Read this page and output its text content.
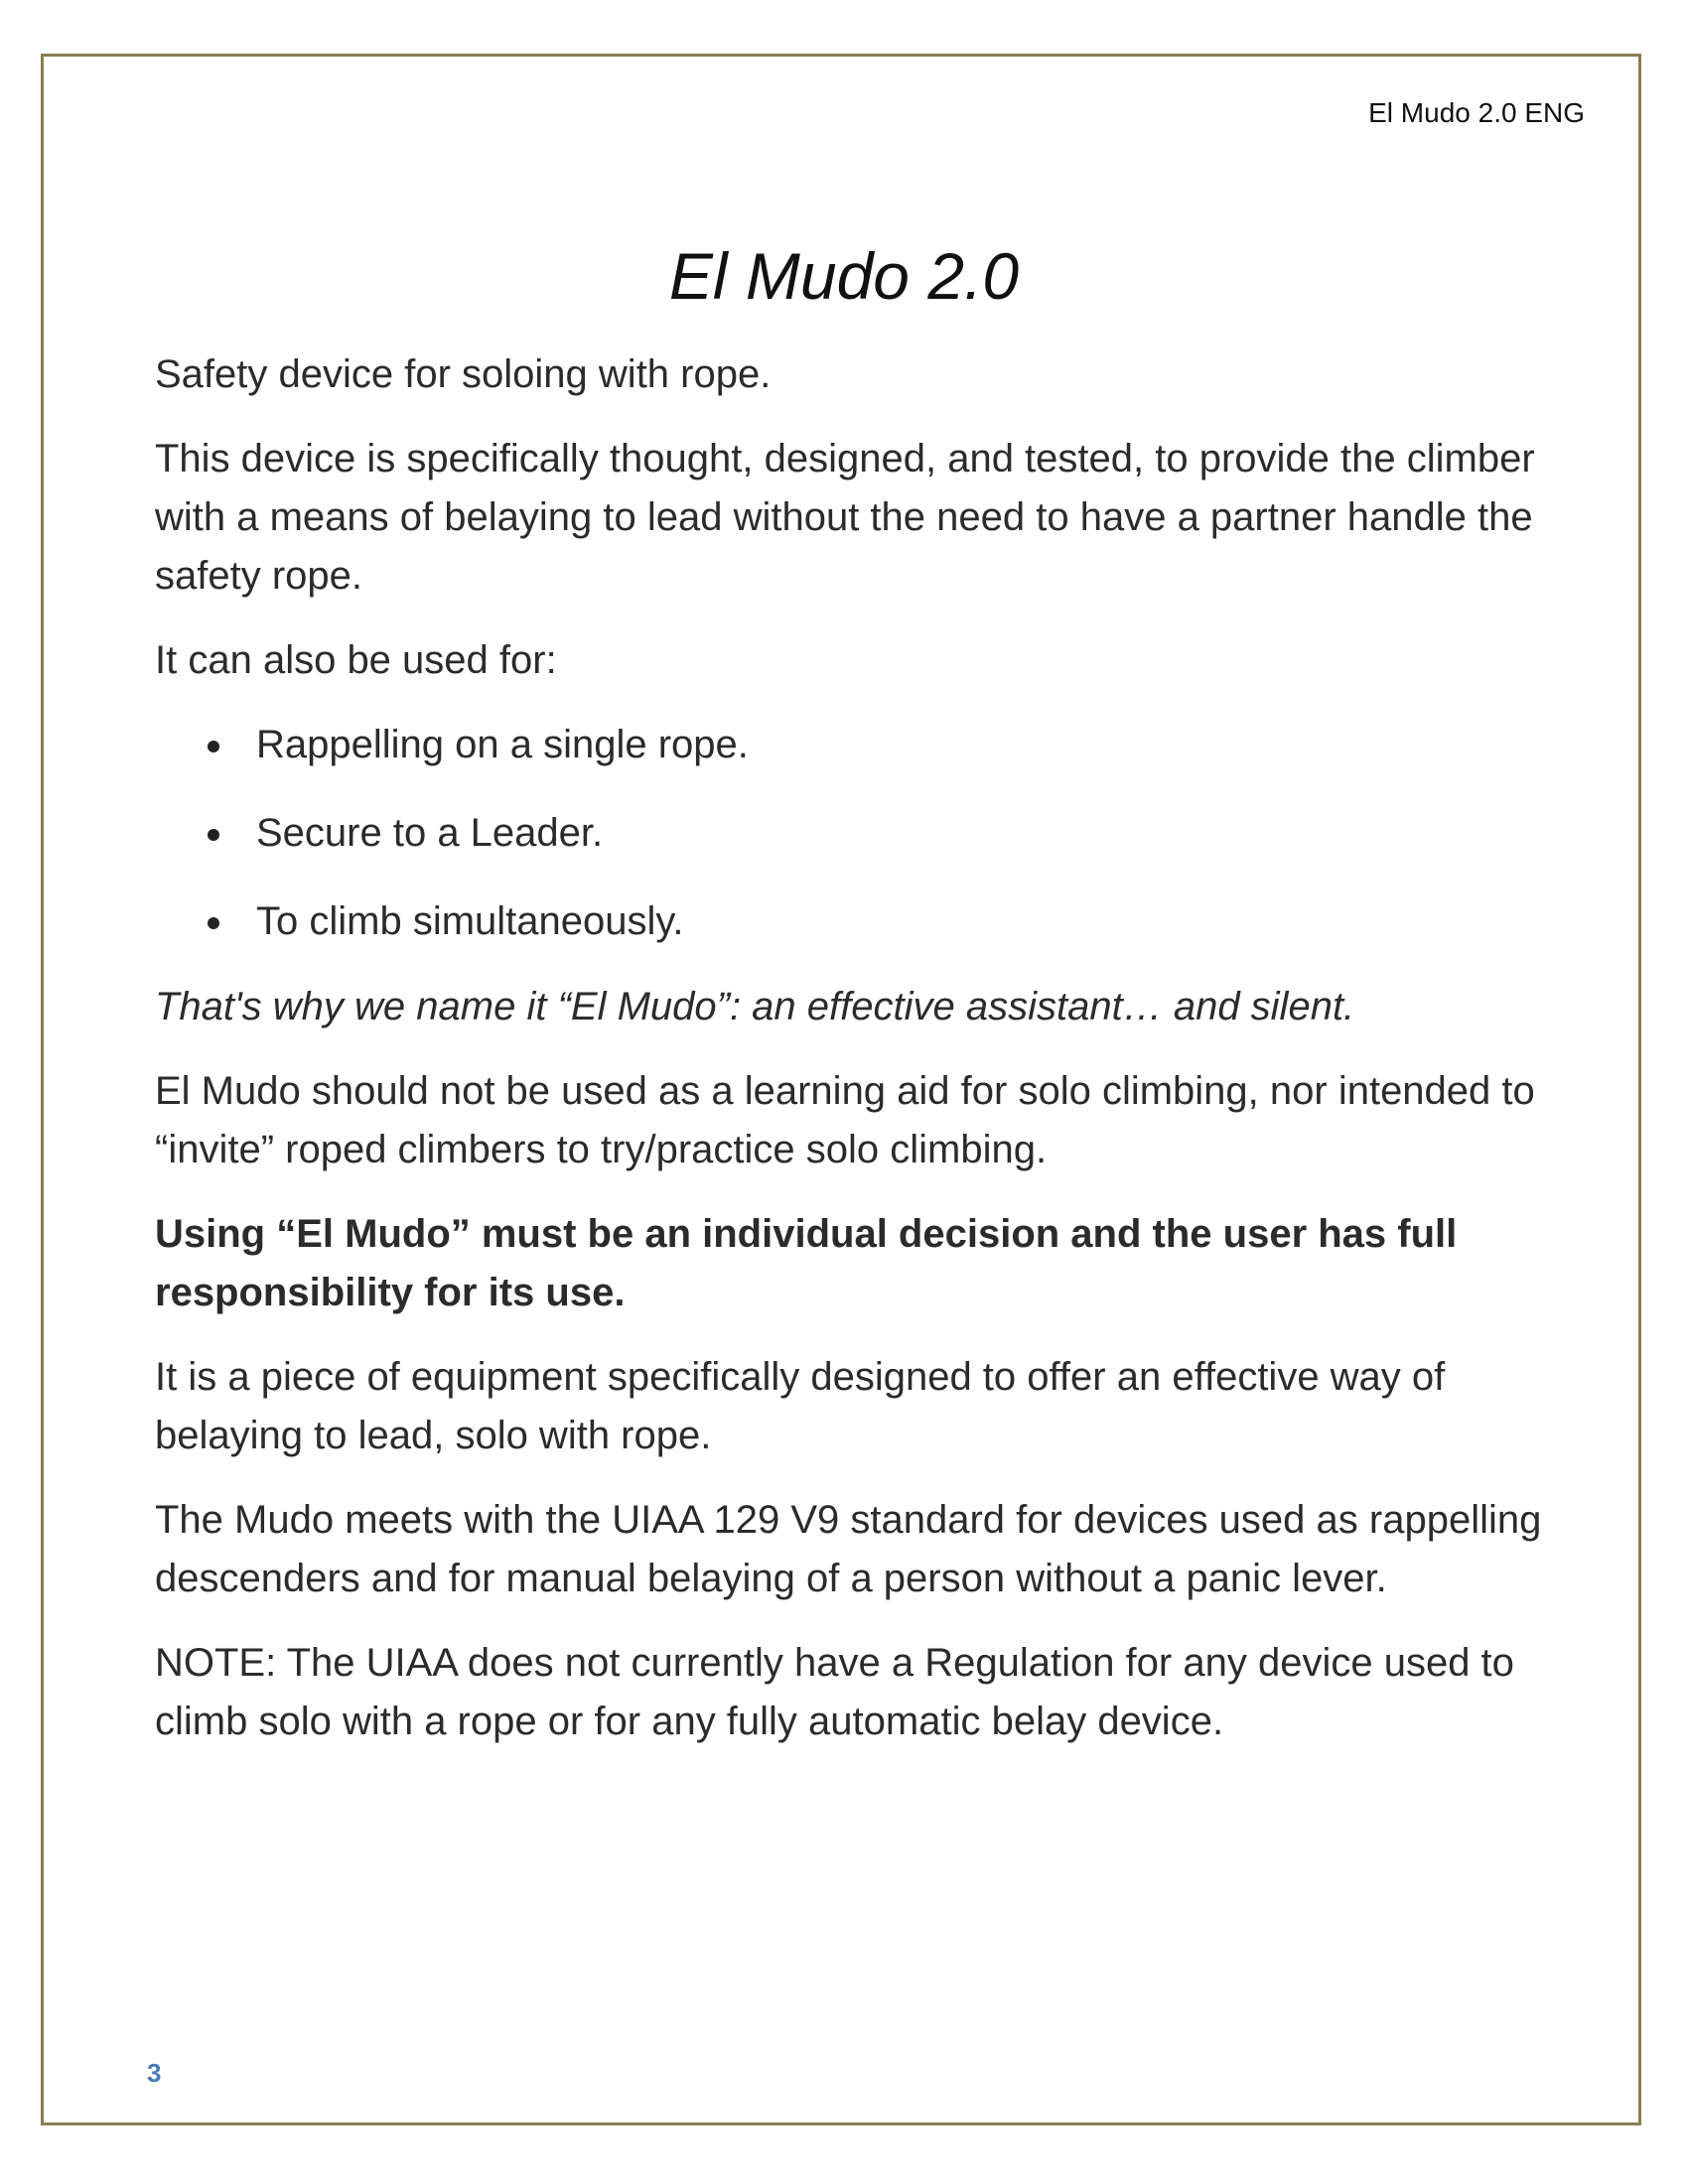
El Mudo 2.0 ENG

El Mudo 2.0

Safety device for soloing with rope.

This device is specifically thought, designed, and tested, to provide the climber with a means of belaying to lead without the need to have a partner handle the safety rope.

It can also be used for:

Rappelling on a single rope.
Secure to a Leader.
To climb simultaneously.

That's why we name it “El Mudo”: an effective assistant… and silent.

El Mudo should not be used as a learning aid for solo climbing, nor intended to “invite” roped climbers to try/practice solo climbing.

Using “El Mudo” must be an individual decision and the user has full responsibility for its use.

It is a piece of equipment specifically designed to offer an effective way of belaying to lead, solo with rope.

The Mudo meets with the UIAA 129 V9 standard for devices used as rappelling descenders and for manual belaying of a person without a panic lever.

NOTE: The UIAA does not currently have a Regulation for any device used to climb solo with a rope or for any fully automatic belay device.

3
